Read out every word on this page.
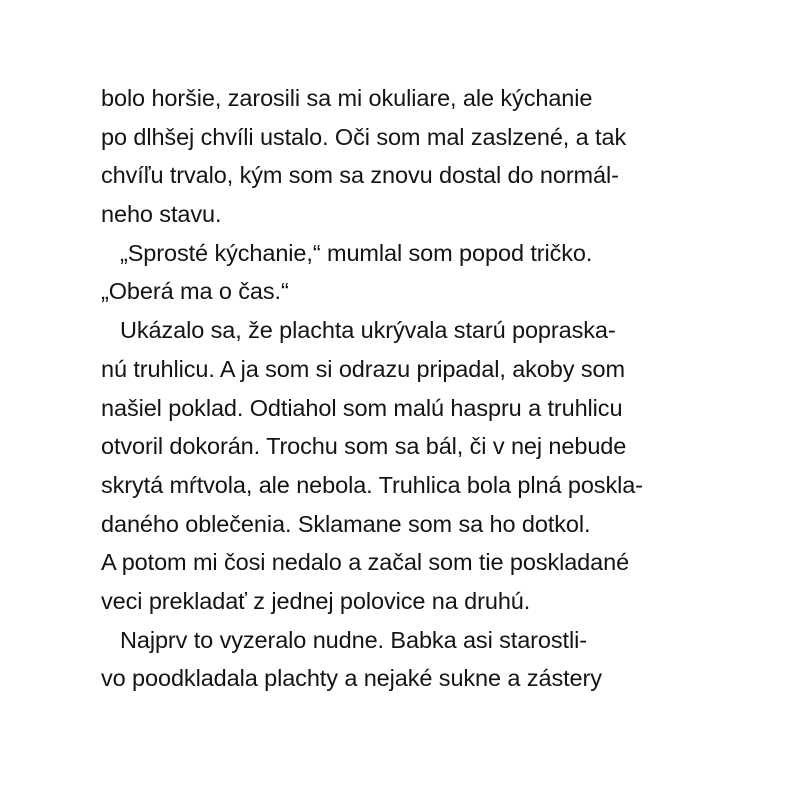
bolo horšie, zarosili sa mi okuliare, ale kýchanie
po dlhšej chvíli ustalo. Oči som mal zaslzené, a tak
chvíľu trvalo, kým som sa znovu dostal do normál-
neho stavu.
„Sprosté kýchanie,“ mumlal som popod tričko.
„Oberá ma o čas.“
Ukázalo sa, že plachta ukrývala starú popraska-
nú truhlicu. A ja som si odrazu pripadal, akoby som
našiel poklad. Odtiahol som malú haspru a truhlicu
otvoril dokorán. Trochu som sa bál, či v nej nebude
skrytá mŕtvola, ale nebola. Truhlica bola plná poskla-
daného oblečenia. Sklamane som sa ho dotkol.
A potom mi čosi nedalo a začal som tie poskladané
veci prekladať z jednej polovice na druhú.
Najprv to vyzeralo nudne. Babka asi starostli-
vo poodkladala plachty a nejaké sukne a zástery
